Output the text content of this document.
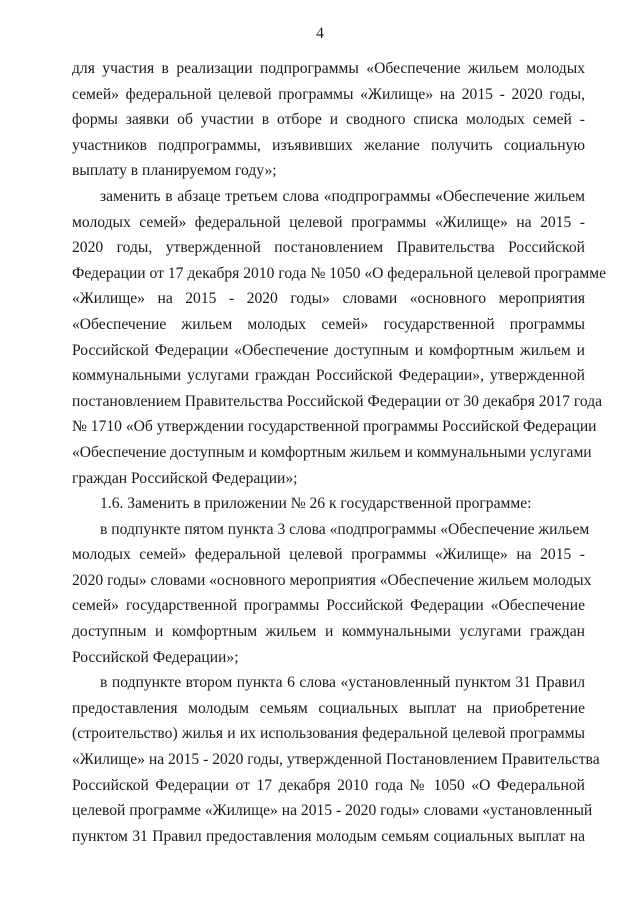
4
для участия в реализации подпрограммы «Обеспечение жильем молодых
семей» федеральной целевой программы «Жилище» на 2015 - 2020 годы,
формы заявки об участии в отборе и сводного списка молодых семей -
участников подпрограммы, изъявивших желание получить социальную
выплату в планируемом году»;
заменить в абзаце третьем слова «подпрограммы «Обеспечение жильем
молодых семей» федеральной целевой программы «Жилище» на 2015 -
2020 годы, утвержденной постановлением Правительства Российской
Федерации от 17 декабря 2010 года № 1050 «О федеральной целевой программе
«Жилище» на 2015 - 2020 годы» словами «основного мероприятия
«Обеспечение жильем молодых семей» государственной программы
Российской Федерации «Обеспечение доступным и комфортным жильем и
коммунальными услугами граждан Российской Федерации», утвержденной
постановлением Правительства Российской Федерации от 30 декабря 2017 года
№ 1710 «Об утверждении государственной программы Российской Федерации
«Обеспечение доступным и комфортным жильем и коммунальными услугами
граждан Российской Федерации»;
1.6. Заменить в приложении № 26 к государственной программе:
в подпункте пятом пункта 3 слова «подпрограммы «Обеспечение жильем
молодых семей» федеральной целевой программы «Жилище» на 2015 -
2020 годы» словами «основного мероприятия «Обеспечение жильем молодых
семей» государственной программы Российской Федерации «Обеспечение
доступным и комфортным жильем и коммунальными услугами граждан
Российской Федерации»;
в подпункте втором пункта 6 слова «установленный пунктом 31 Правил
предоставления молодым семьям социальных выплат на приобретение
(строительство) жилья и их использования федеральной целевой программы
«Жилище» на 2015 - 2020 годы, утвержденной Постановлением Правительства
Российской Федерации от 17 декабря 2010 года № 1050 «О Федеральной
целевой программе «Жилище» на 2015 - 2020 годы» словами «установленный
пунктом 31 Правил предоставления молодым семьям социальных выплат на
